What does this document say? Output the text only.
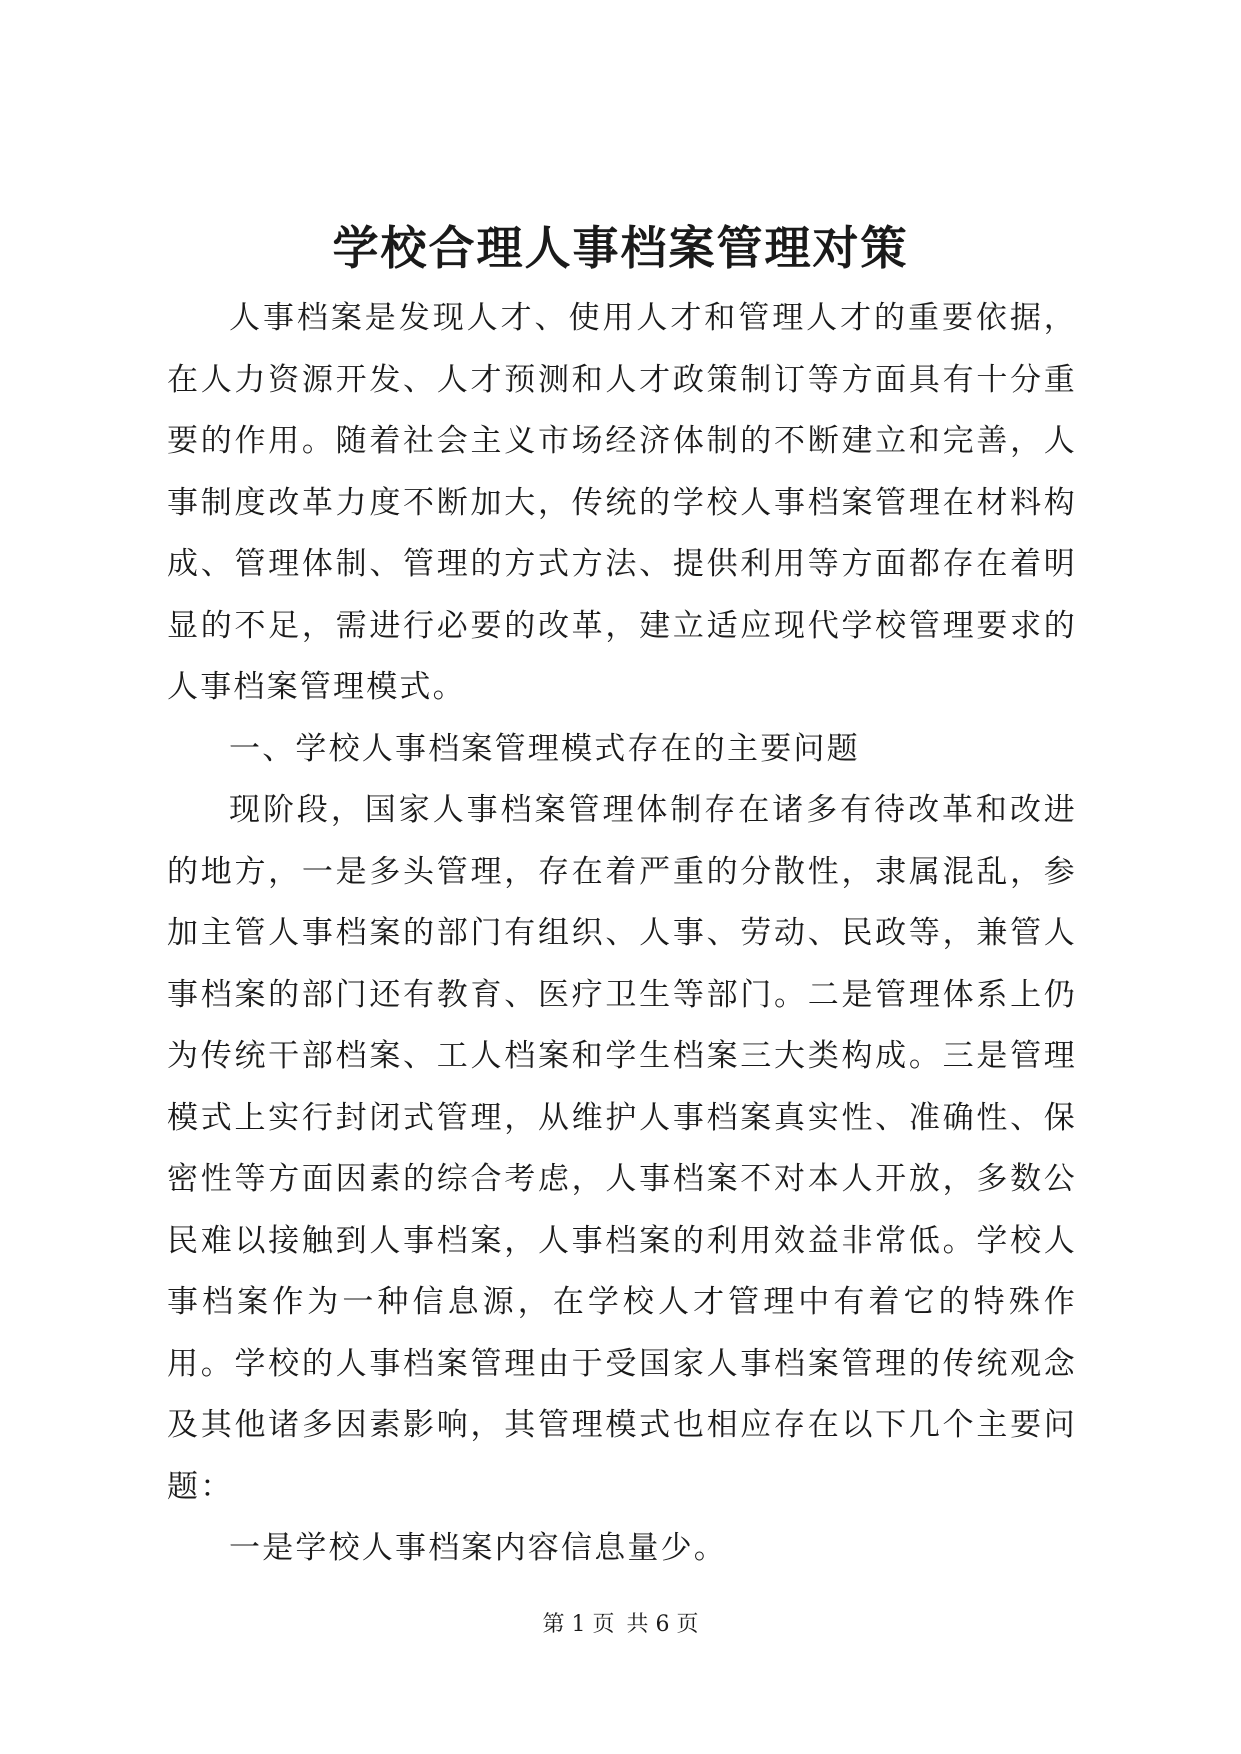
学校合理人事档案管理对策

人事档案是发现人才、使用人才和管理人才的重要依据，在人力资源开发、人才预测和人才政策制订等方面具有十分重要的作用。随着社会主义市场经济体制的不断建立和完善，人事制度改革力度不断加大，传统的学校人事档案管理在材料构成、管理体制、管理的方式方法、提供利用等方面都存在着明显的不足，需进行必要的改革，建立适应现代学校管理要求的人事档案管理模式。

一、学校人事档案管理模式存在的主要问题

现阶段，国家人事档案管理体制存在诸多有待改革和改进的地方，一是多头管理，存在着严重的分散性，隶属混乱，参加主管人事档案的部门有组织、人事、劳动、民政等，兼管人事档案的部门还有教育、医疗卫生等部门。二是管理体系上仍为传统干部档案、工人档案和学生档案三大类构成。三是管理模式上实行封闭式管理，从维护人事档案真实性、准确性、保密性等方面因素的综合考虑，人事档案不对本人开放，多数公民难以接触到人事档案，人事档案的利用效益非常低。学校人事档案作为一种信息源，在学校人才管理中有着它的特殊作用。学校的人事档案管理由于受国家人事档案管理的传统观念及其他诸多因素影响，其管理模式也相应存在以下几个主要问题：

一是学校人事档案内容信息量少。

第 1 页 共 6 页
